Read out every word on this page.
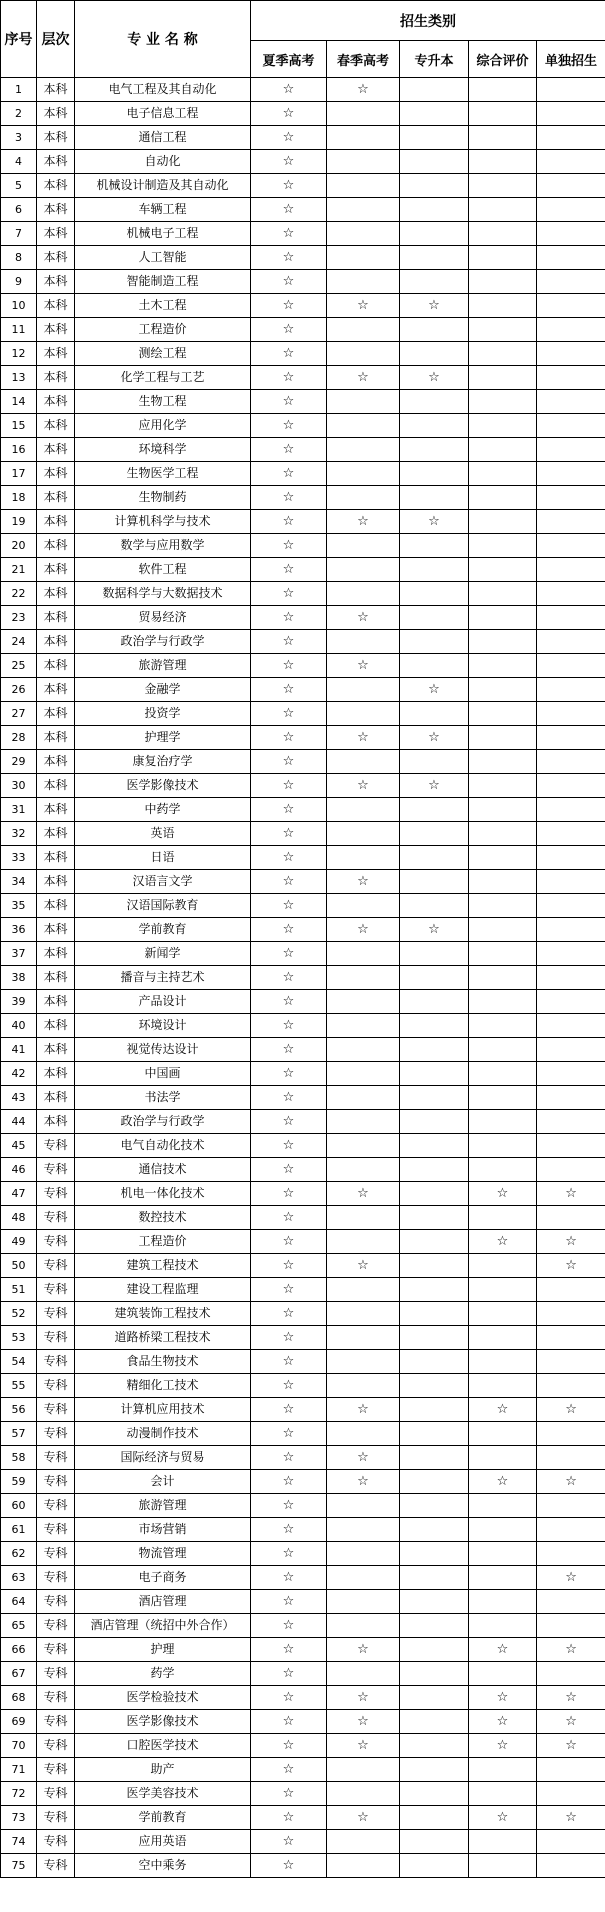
序号	层次	专 业 名 称	招生类别				
			夏季高考	春季高考	专升本	综合评价	单独招生
1	本科	电气工程及其自动化	☆	☆			
2	本科	电子信息工程	☆				
3	本科	通信工程	☆				
4	本科	自动化	☆				
5	本科	机械设计制造及其自动化	☆				
6	本科	车辆工程	☆				
7	本科	机械电子工程	☆				
8	本科	人工智能	☆				
9	本科	智能制造工程	☆				
10	本科	土木工程	☆	☆	☆		
11	本科	工程造价	☆				
12	本科	测绘工程	☆				
13	本科	化学工程与工艺	☆	☆	☆		
14	本科	生物工程	☆				
15	本科	应用化学	☆				
16	本科	环境科学	☆				
17	本科	生物医学工程	☆				
18	本科	生物制药	☆				
19	本科	计算机科学与技术	☆	☆	☆		
20	本科	数学与应用数学	☆				
21	本科	软件工程	☆				
22	本科	数据科学与大数据技术	☆				
23	本科	贸易经济	☆	☆			
24	本科	政治学与行政学	☆				
25	本科	旅游管理	☆	☆			
26	本科	金融学	☆		☆		
27	本科	投资学	☆				
28	本科	护理学	☆	☆	☆		
29	本科	康复治疗学	☆				
30	本科	医学影像技术	☆	☆	☆		
31	本科	中药学	☆				
32	本科	英语	☆				
33	本科	日语	☆				
34	本科	汉语言文学	☆	☆			
35	本科	汉语国际教育	☆				
36	本科	学前教育	☆	☆	☆		
37	本科	新闻学	☆				
38	本科	播音与主持艺术	☆				
39	本科	产品设计	☆				
40	本科	环境设计	☆				
41	本科	视觉传达设计	☆				
42	本科	中国画	☆				
43	本科	书法学	☆				
44	本科	政治学与行政学	☆				
45	专科	电气自动化技术	☆				
46	专科	通信技术	☆				
47	专科	机电一体化技术	☆	☆		☆	☆
48	专科	数控技术	☆				
49	专科	工程造价	☆			☆	☆
50	专科	建筑工程技术	☆	☆			☆
51	专科	建设工程监理	☆				
52	专科	建筑装饰工程技术	☆				
53	专科	道路桥梁工程技术	☆				
54	专科	食品生物技术	☆				
55	专科	精细化工技术	☆				
56	专科	计算机应用技术	☆	☆		☆	☆
57	专科	动漫制作技术	☆				
58	专科	国际经济与贸易	☆	☆			
59	专科	会计	☆	☆		☆	☆
60	专科	旅游管理	☆				
61	专科	市场营销	☆				
62	专科	物流管理	☆				
63	专科	电子商务	☆				☆
64	专科	酒店管理	☆				
65	专科	酒店管理（统招中外合作）	☆				
66	专科	护理	☆	☆		☆	☆
67	专科	药学	☆				
68	专科	医学检验技术	☆	☆		☆	☆
69	专科	医学影像技术	☆	☆		☆	☆
70	专科	口腔医学技术	☆	☆		☆	☆
71	专科	助产	☆				
72	专科	医学美容技术	☆				
73	专科	学前教育	☆	☆		☆	☆
74	专科	应用英语	☆				
75	专科	空中乘务	☆				
